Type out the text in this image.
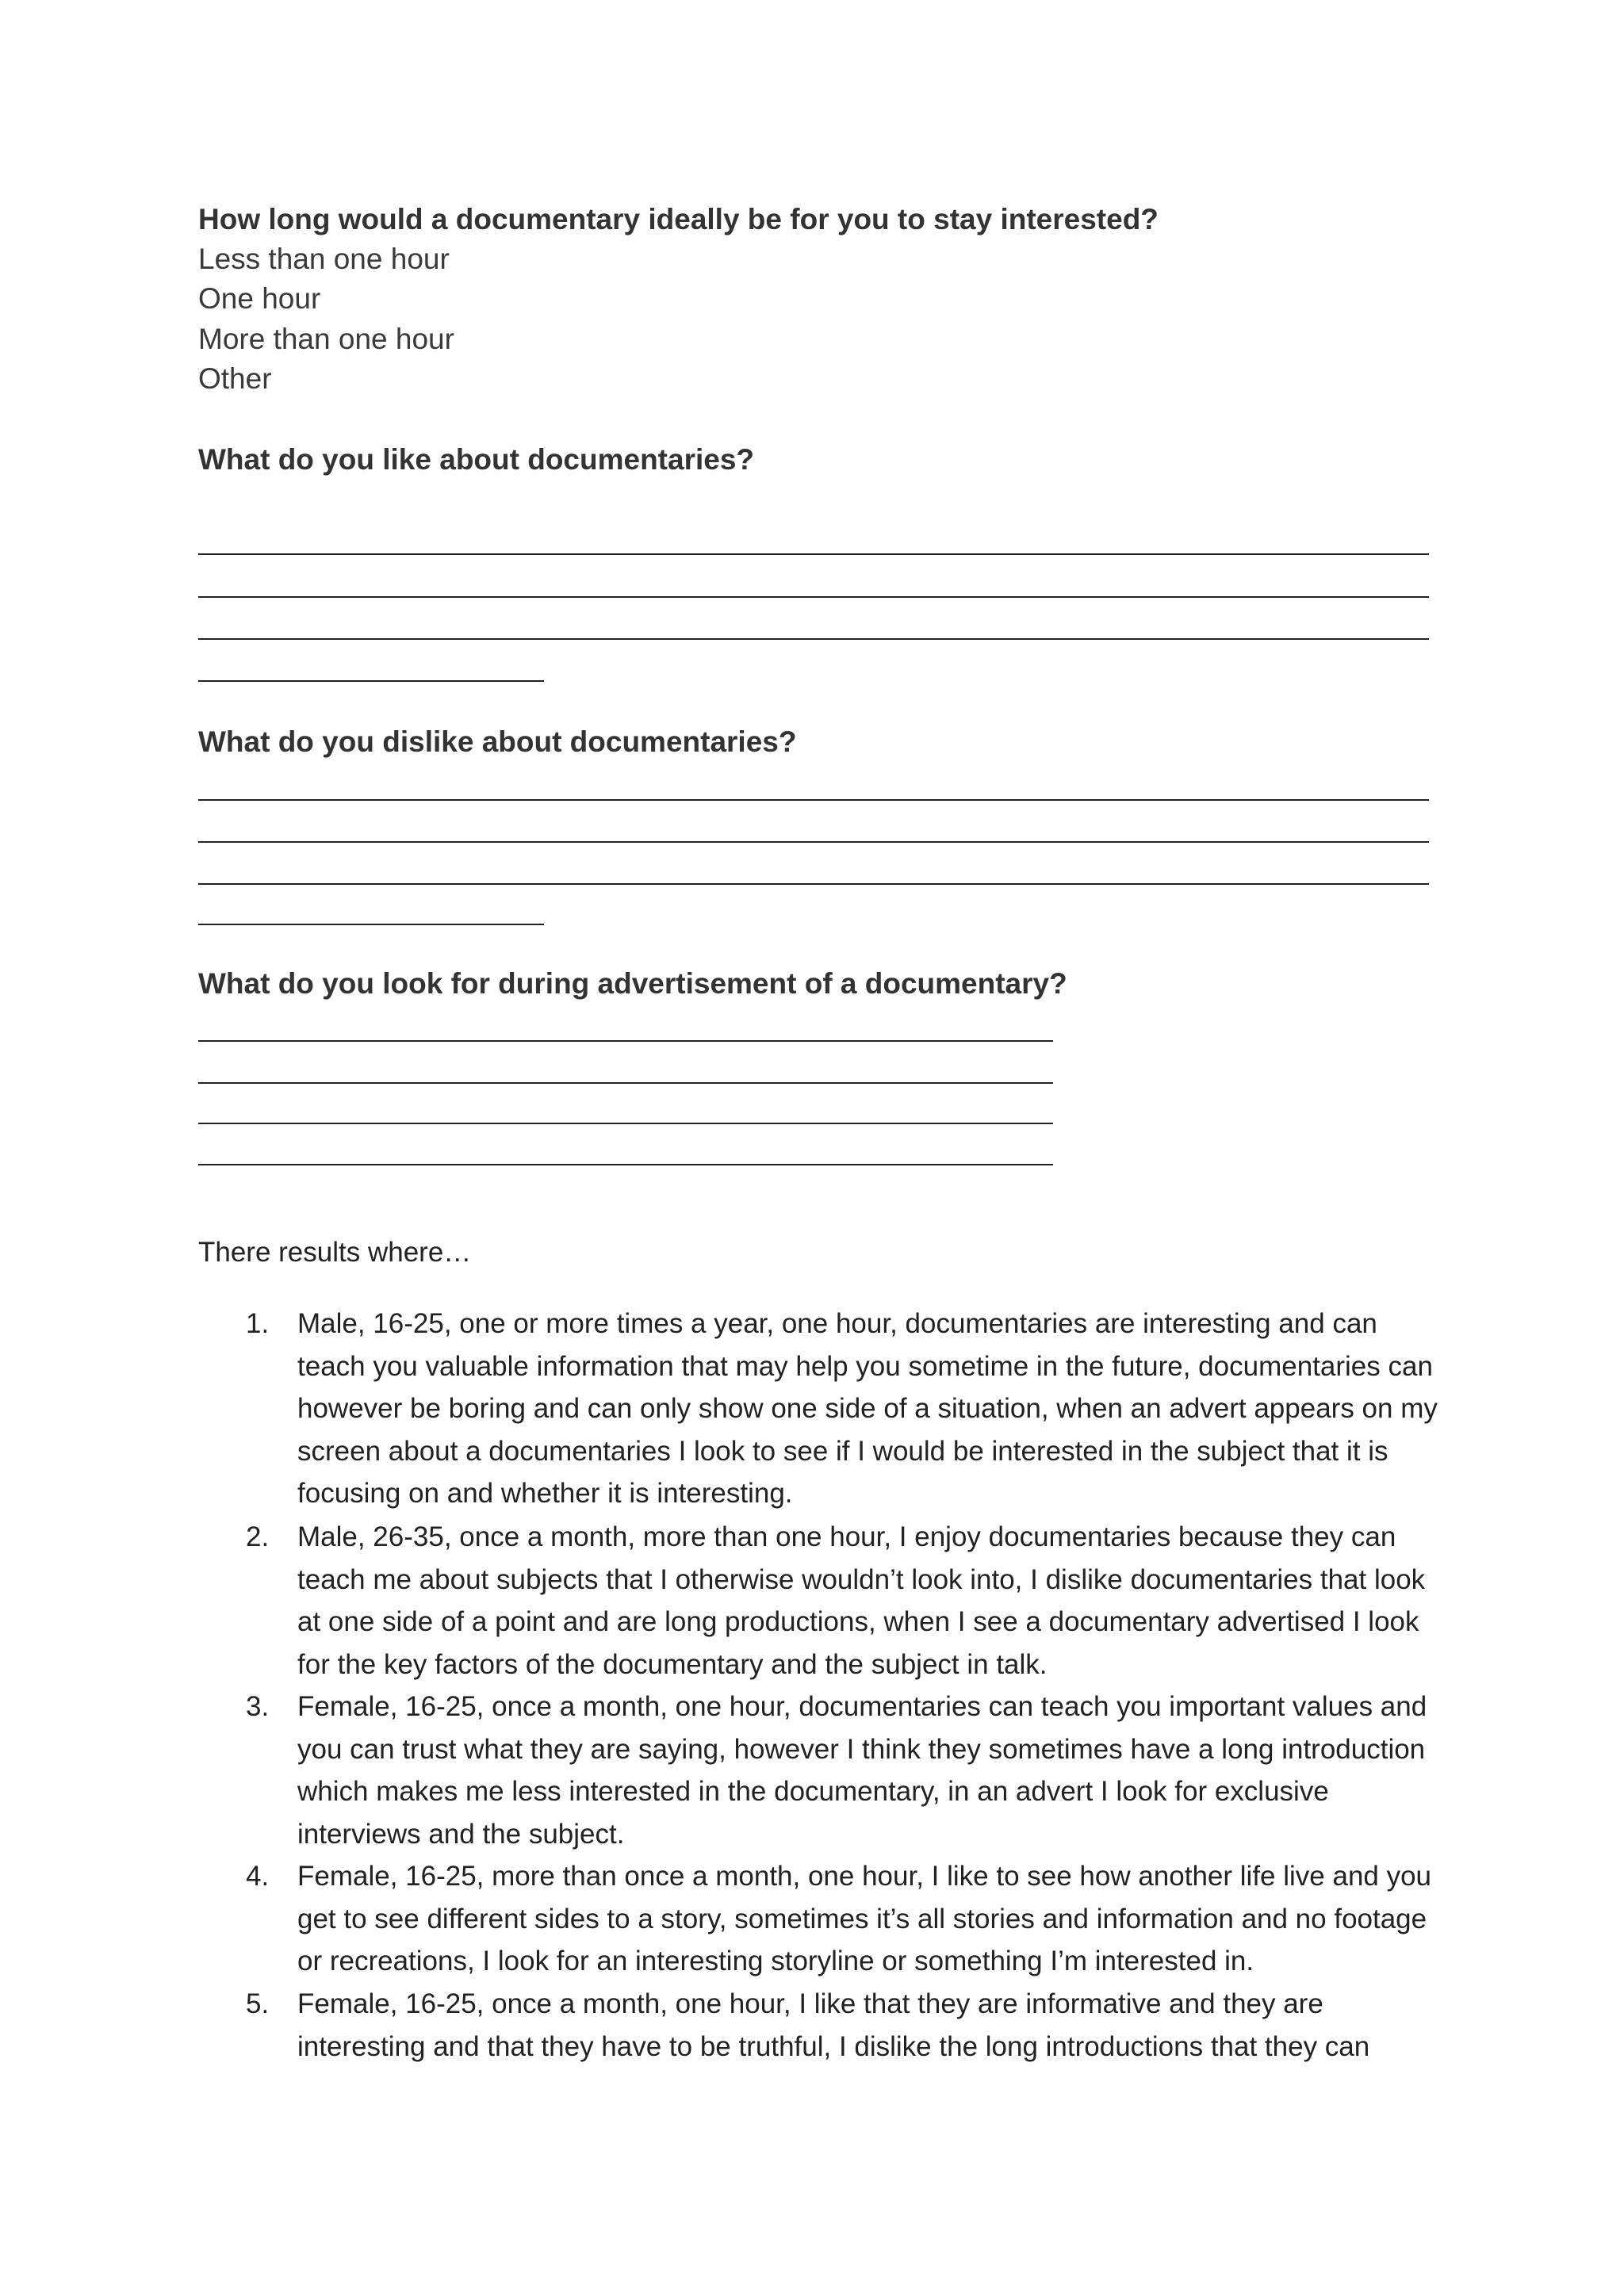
How long would a documentary ideally be for you to stay interested?
Less than one hour
One hour
More than one hour
Other
What do you like about documentaries?
What do you dislike about documentaries?
What do you look for during advertisement of a documentary?
There results where…
1.	Male, 16-25, one or more times a year, one hour, documentaries are interesting and can teach you valuable information that may help you sometime in the future, documentaries can however be boring and can only show one side of a situation, when an advert appears on my screen about a documentaries I look to see if I would be interested in the subject that it is focusing on and whether it is interesting.
2.	Male, 26-35, once a month, more than one hour, I enjoy documentaries because they can teach me about subjects that I otherwise wouldn’t look into, I dislike documentaries that look at one side of a point and are long productions, when I see a documentary advertised I look for the key factors of the documentary and the subject in talk.
3.	Female, 16-25, once a month, one hour, documentaries can teach you important values and you can trust what they are saying, however I think they sometimes have a long introduction which makes me less interested in the documentary, in an advert I look for exclusive interviews and the subject.
4.	Female, 16-25, more than once a month, one hour, I like to see how another life live and you get to see different sides to a story, sometimes it’s all stories and information and no footage or recreations, I look for an interesting storyline or something I’m interested in.
5.	Female, 16-25, once a month, one hour, I like that they are informative and they are interesting and that they have to be truthful, I dislike the long introductions that they can
